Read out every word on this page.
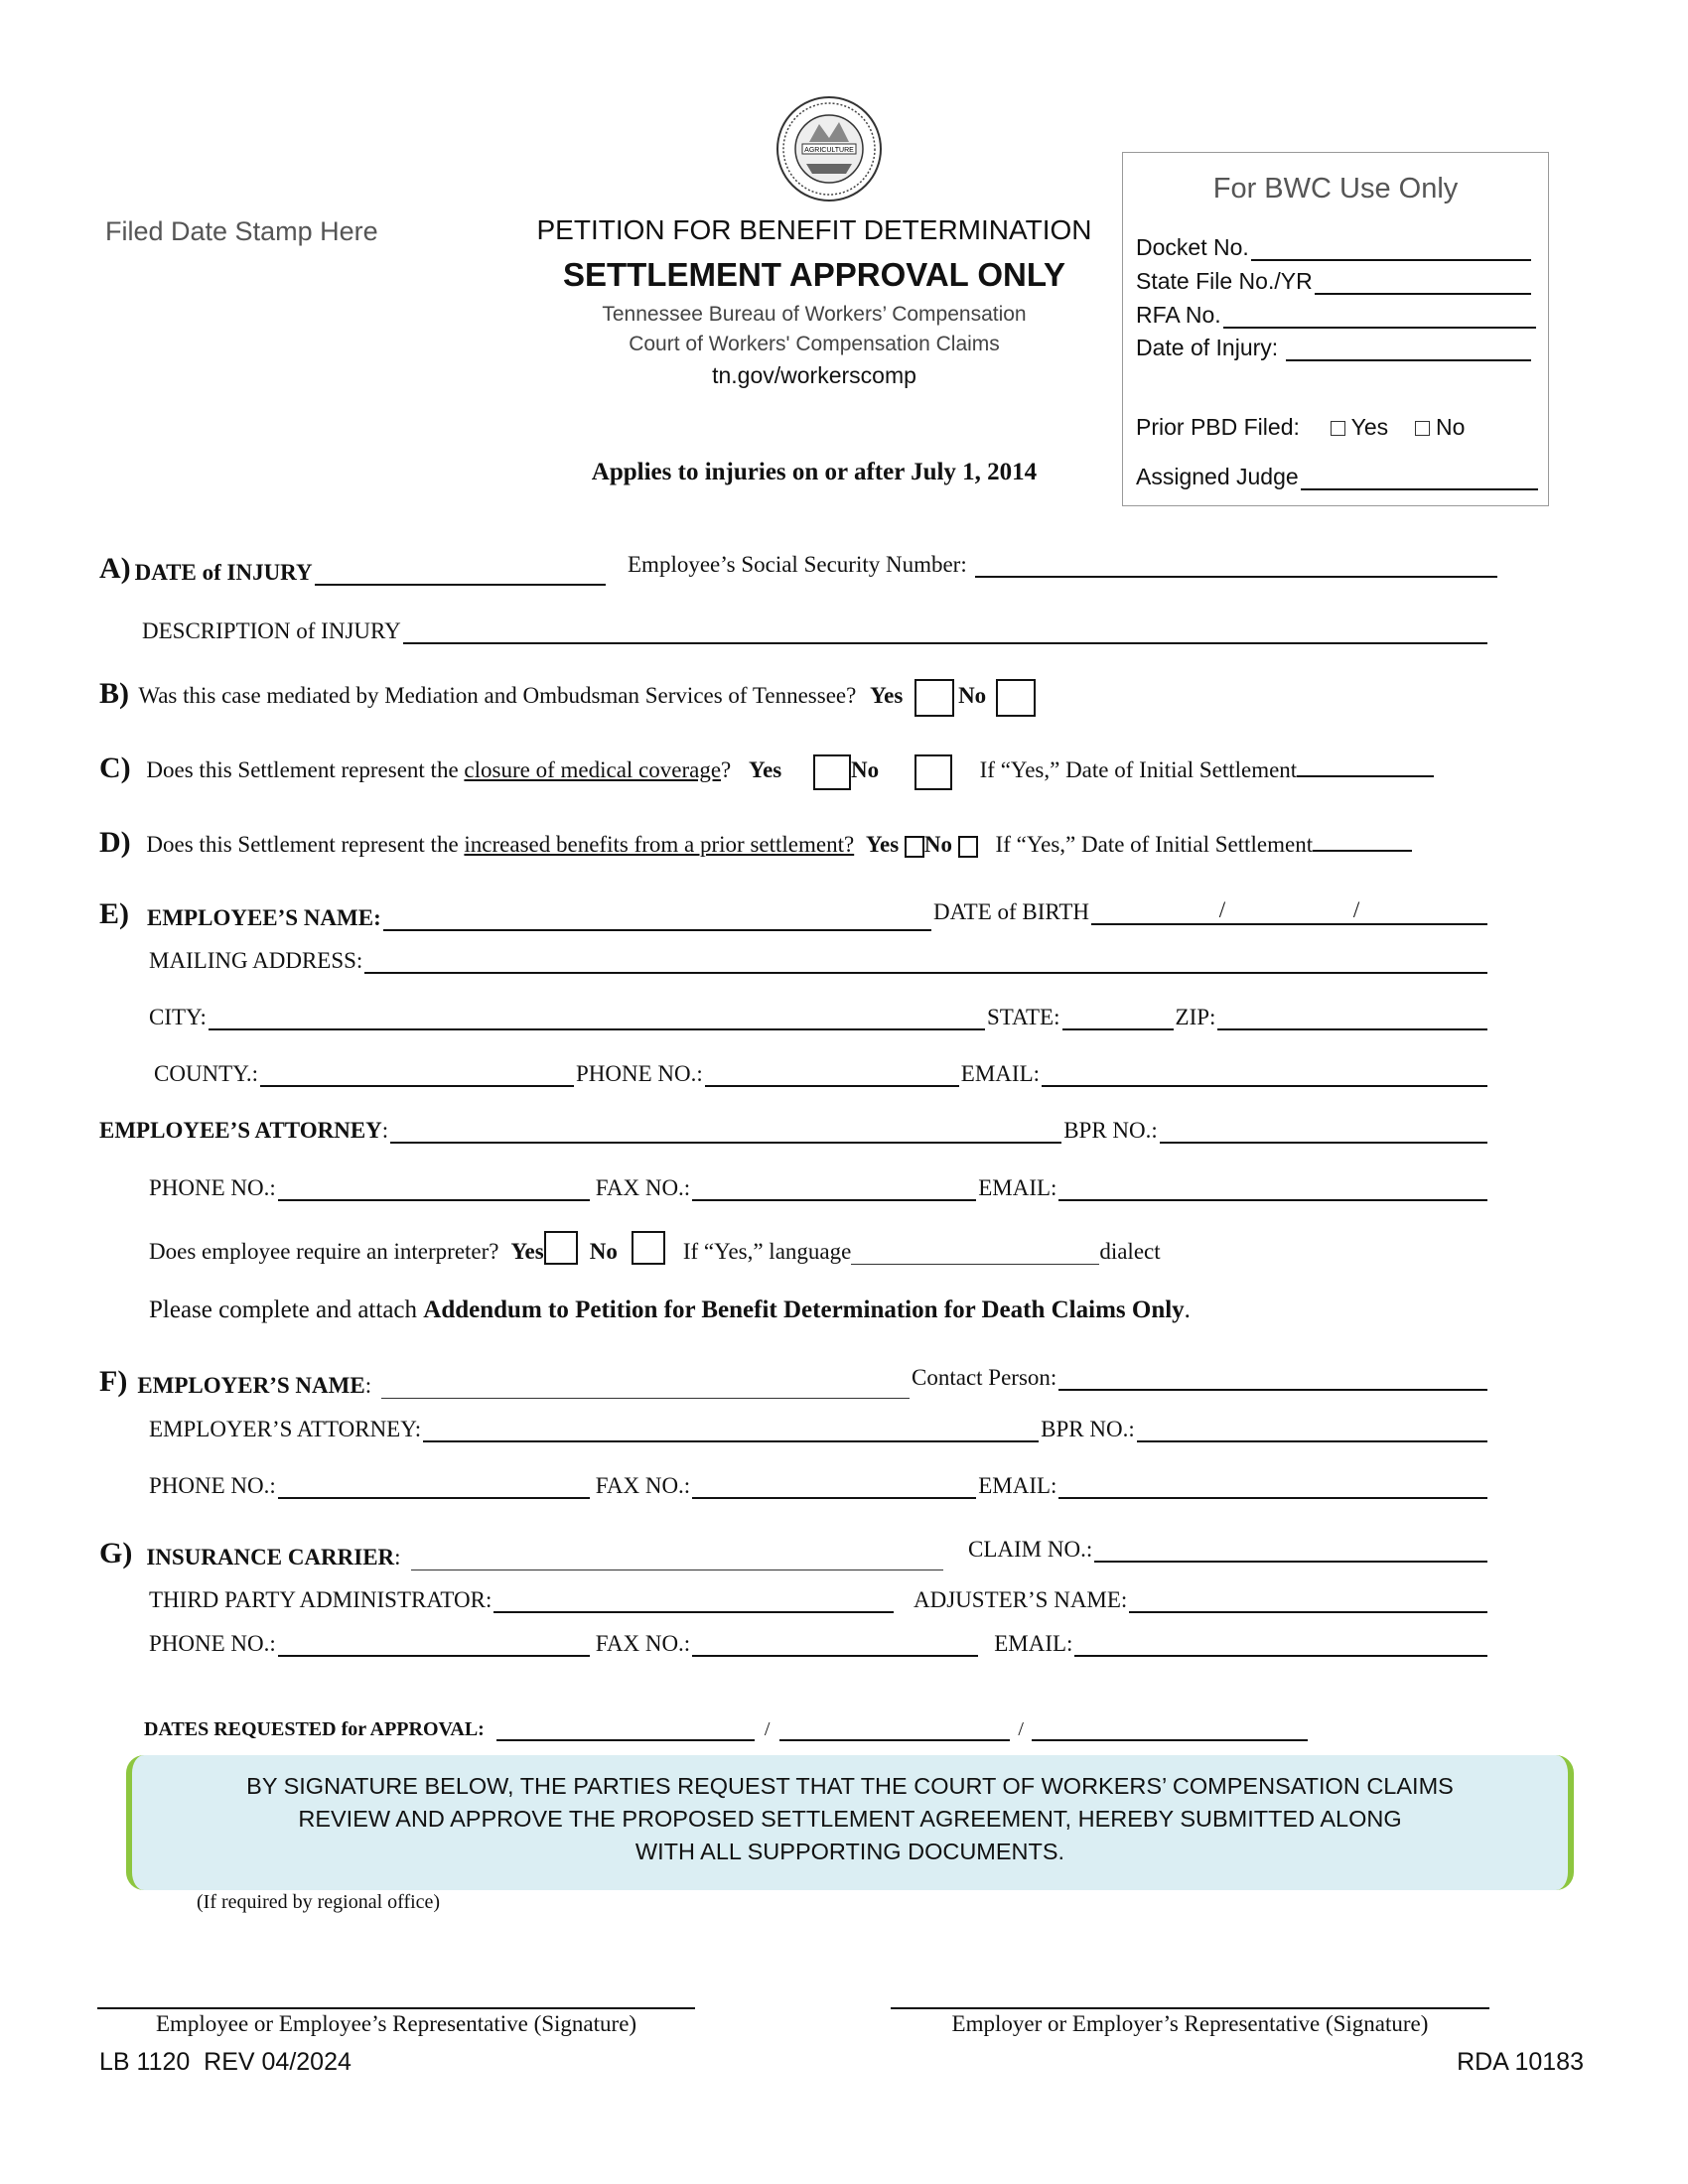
AGRICULTURE
Filed Date Stamp Here	PETITION FOR BENEFIT DETERMINATION
SETTLEMENT APPROVAL ONLY
Tennessee Bureau of Workers’ Compensation
Court of Workers' Compensation Claims
tn.gov/workerscomp
Applies to injuries on or after July 1, 2014
For BWC Use Only
Docket No.
State File No./YR
RFA No.
Date of Injury:
Prior PBD Filed: Yes No
Assigned Judge
A) DATE of INJURY	Employee’s Social Security Number:
DESCRIPTION of INJURY
B) Was this case mediated by Mediation and Ombudsman Services of Tennessee? Yes No
C) Does this Settlement represent the closure of medical coverage? Yes	No	If “Yes,” Date of Initial Settlement
D) Does this Settlement represent the increased benefits from a prior settlement? Yes No If “Yes,” Date of Initial Settlement
E) EMPLOYEE’S NAME:	DATE of BIRTH	/	/
MAILING ADDRESS:
CITY:	STATE:	ZIP:
COUNTY.:	PHONE NO.:	EMAIL:
EMPLOYEE’S ATTORNEY :	BPR NO.:
PHONE NO.:	FAX NO.:	EMAIL:
Does employee require an interpreter? Yes No	If “Yes,” language	dialect
Please complete and attach Addendum to Petition for Benefit Determination for Death Claims Only.
F) EMPLOYER’S NAME :	Contact Person:
EMPLOYER’S ATTORNEY:	BPR NO.:
PHONE NO.:	FAX NO.:	EMAIL:
G) INSURANCE CARRIER :	CLAIM NO.:
THIRD PARTY ADMINISTRATOR:	ADJUSTER’S NAME:
PHONE NO.:	FAX NO.:	EMAIL:
DATES REQUESTED for APPROVAL:	/	/
BY SIGNATURE BELOW, THE PARTIES REQUEST THAT THE COURT OF WORKERS’ COMPENSATION CLAIMS
REVIEW AND APPROVE THE PROPOSED SETTLEMENT AGREEMENT, HEREBY SUBMITTED ALONG
WITH ALL SUPPORTING DOCUMENTS.
(If required by regional office)
Employee or Employee’s Representative (Signature)	Employer or Employer’s Representative (Signature)
LB 1120  REV 04/2024	RDA 10183
